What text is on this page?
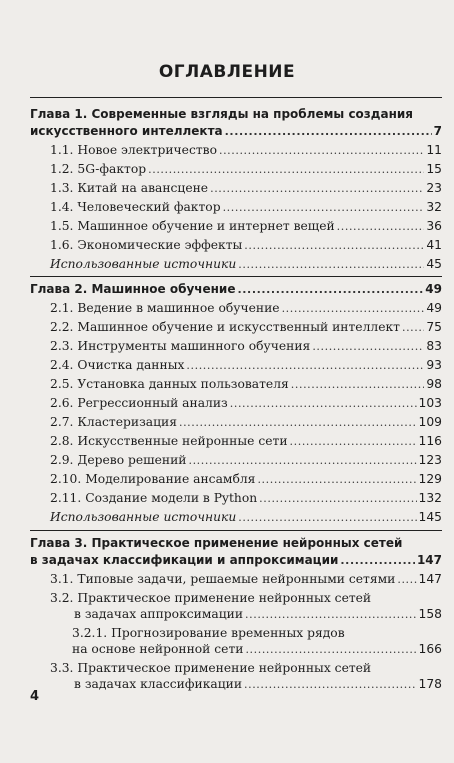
ОГЛАВЛЕНИЕ
Глава 1. Современные взгляды на проблемы создания
искусственного интеллекта .....	7
1.1. Новое электричество .....	11
1.2. 5G-фактор .....	15
1.3. Китай на авансцене .....	23
1.4. Человеческий фактор .....	32
1.5. Машинное обучение и интернет вещей .....	36
1.6. Экономические эффекты .....	41
Использованные источники .....	45
Глава 2. Машинное обучение .....	49
2.1. Ведение в машинное обучение .....	49
2.2. Машинное обучение и искусственный интеллект ..... 75
2.3. Инструменты машинного обучения .....	83
2.4. Очистка данных .....	93
2.5. Установка данных пользователя .....	98
2.6. Регрессионный анализ .....	103
2.7. Кластеризация .....	109
2.8. Искусственные нейронные сети .....	116
2.9. Дерево решений .....	123
2.10. Моделирование ансамбля .....	129
2.11. Создание модели в Python .....	132
Использованные источники .....	145
Глава 3. Практическое применение нейронных сетей
в задачах классификации и аппроксимации .....	147
3.1. Типовые задачи, решаемые нейронными сетями ..... 147
3.2. Практическое применение нейронных сетей
в задачах аппроксимации .....	158
3.2.1. Прогнозирование временных рядов
на основе нейронной сети .....	166
3.3. Практическое применение нейронных сетей
в задачах классификации .....	178
4
